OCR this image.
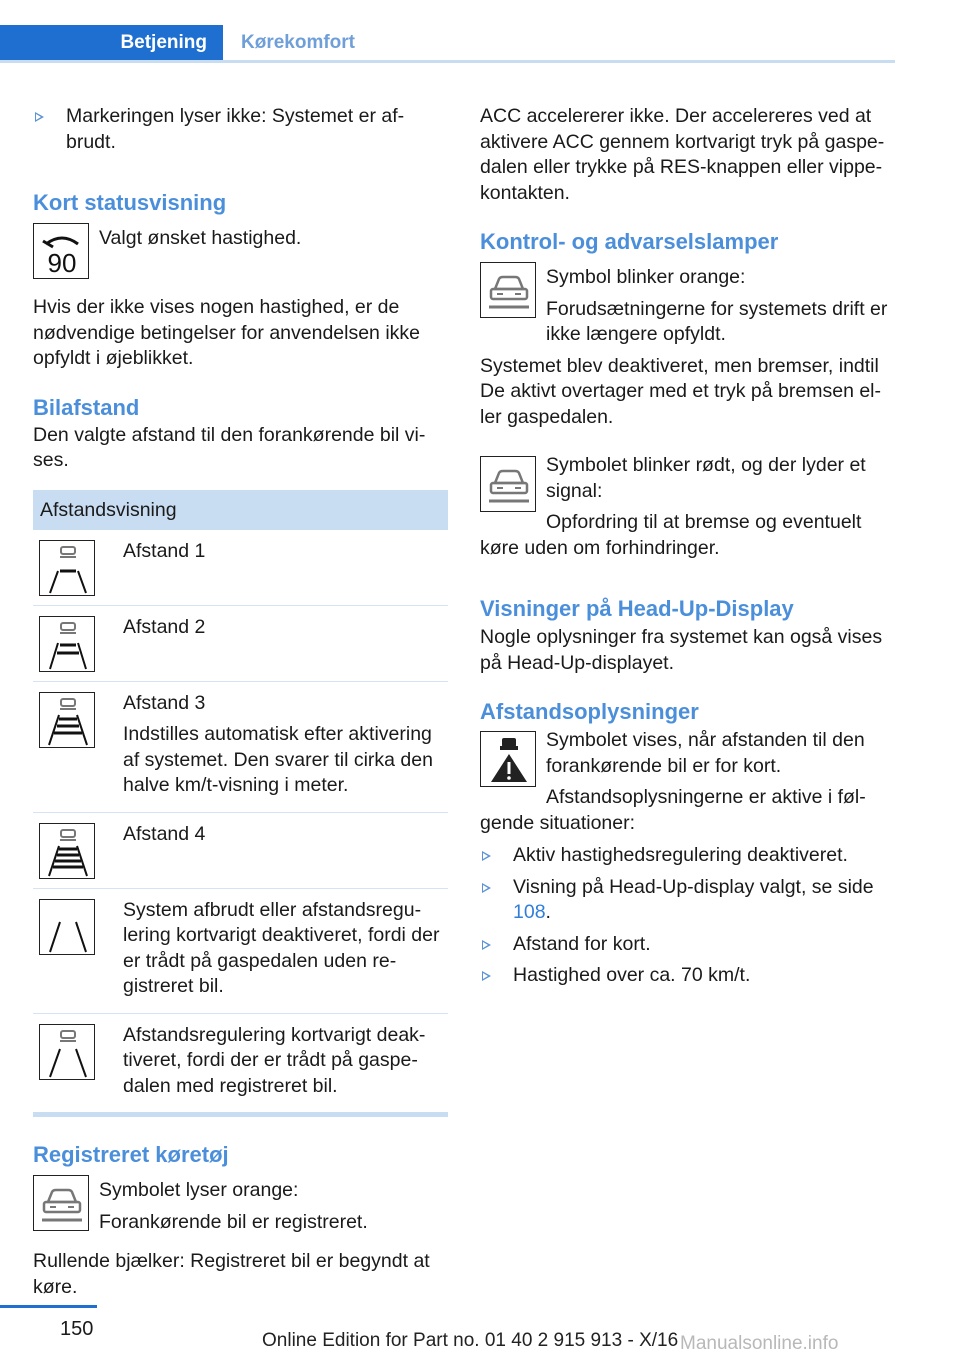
Betjening	Kørekomfort
Markeringen lyser ikke: Systemet er af-brudt.
Kort statusvisning
90

Valgt ønsket hastighed.

Hvis der ikke vises nogen hastighed, er de nødvendige betingelser for anvendelsen ikke opfyldt i øjeblikket.

Bilafstand

Den valgte afstand til den forankørende bil vi-ses.

Afstandsvisning

Afstand 1

Afstand 2

Afstand 3

Indstilles automatisk efter aktivering af systemet. Den svarer til cirka den halve km/t-visning i meter.

Afstand 4

System afbrudt eller afstandsregu-lering kortvarigt deaktiveret, fordi der er trådt på gaspedalen uden re-gistreret bil.

Afstandsregulering kortvarigt deak-tiveret, fordi der er trådt på gaspe-dalen med registreret bil.

Registreret køretøj

Symbolet lyser orange:

Forankørende bil er registreret.

Rullende bjælker: Registreret bil er begyndt at køre.

ACC accelererer ikke. Der accelereres ved at aktivere ACC gennem kortvarigt tryk på gaspe-dalen eller trykke på RES-knappen eller vippe-kontakten.

Kontrol- og advarselslamper

Symbol blinker orange:

Forudsætningerne for systemets drift er ikke længere opfyldt.

Systemet blev deaktiveret, men bremser, indtil De aktivt overtager med et tryk på bremsen el-ler gaspedalen.

Symbolet blinker rødt, og der lyder et signal:

Opfordring til at bremse og eventuelt køre uden om forhindringer.

Visninger på Head-Up-Display

Nogle oplysninger fra systemet kan også vises på Head-Up-displayet.

Afstandsoplysninger

Symbolet vises, når afstanden til den forankørende bil er for kort.

Afstandsoplysningerne er aktive i føl-gende situationer:

Aktiv hastighedsregulering deaktiveret.
Visning på Head-Up-display valgt, se side 108.
Afstand for kort.
Hastighed over ca. 70 km/t.
150
Online Edition for Part no. 01 40 2 915 913 - X/16 Manualsonline.info
